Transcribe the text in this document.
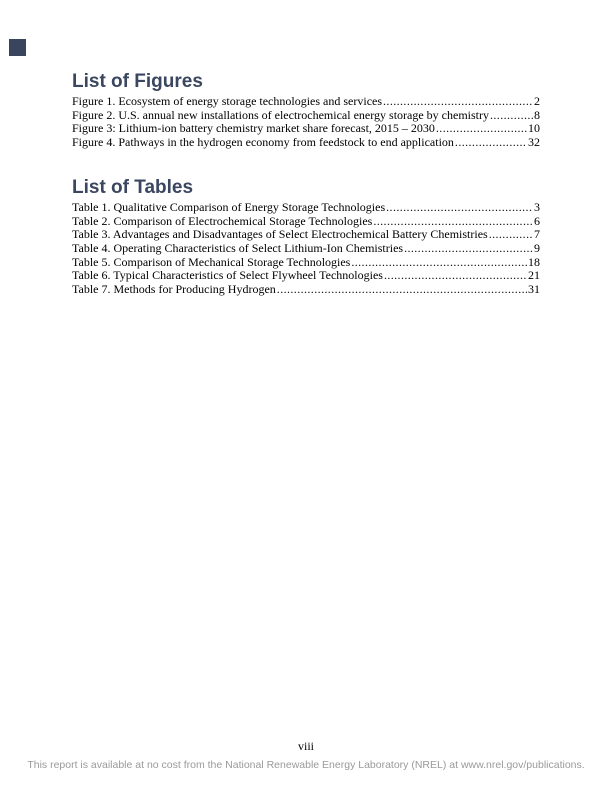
List of Figures
Figure 1. Ecosystem of energy storage technologies and services .....	2
Figure 2. U.S. annual new installations of electrochemical energy storage by chemistry .....	8
Figure 3: Lithium-ion battery chemistry market share forecast, 2015 – 2030 .....	10
Figure 4. Pathways in the hydrogen economy from feedstock to end application .....	32
List of Tables
Table 1. Qualitative Comparison of Energy Storage Technologies .....	3
Table 2. Comparison of Electrochemical Storage Technologies .....	6
Table 3. Advantages and Disadvantages of Select Electrochemical Battery Chemistries .....	7
Table 4. Operating Characteristics of Select Lithium-Ion Chemistries .....	9
Table 5. Comparison of Mechanical Storage Technologies .....	18
Table 6. Typical Characteristics of Select Flywheel Technologies .....	21
Table 7. Methods for Producing Hydrogen .....	31
viii
This report is available at no cost from the National Renewable Energy Laboratory (NREL) at www.nrel.gov/publications.
